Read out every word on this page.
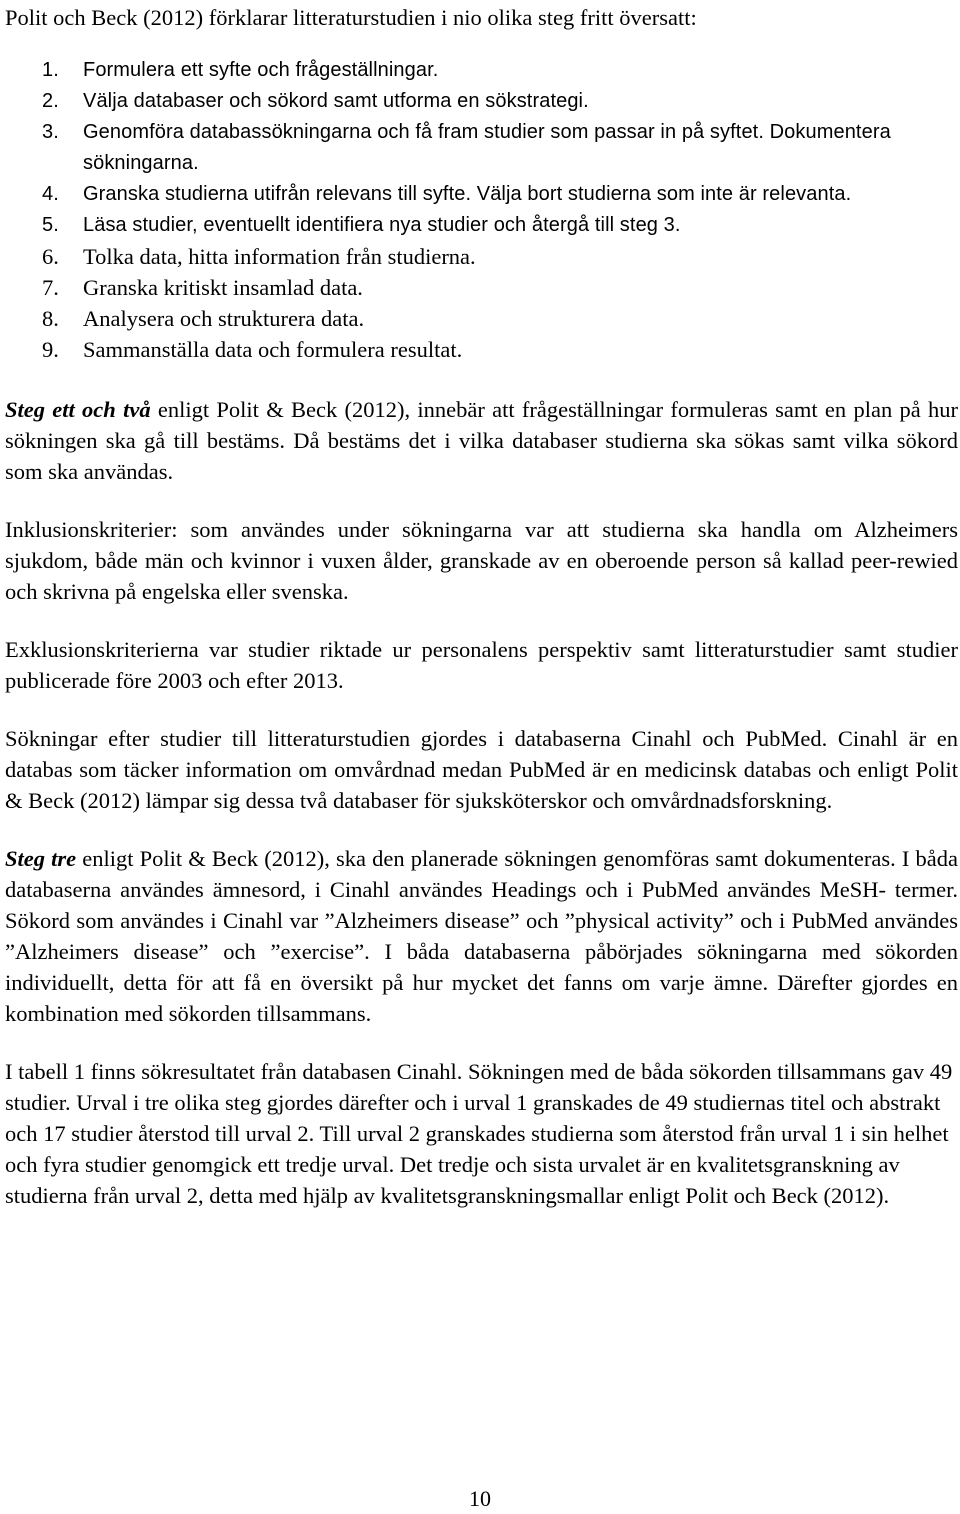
Polit och Beck (2012) förklarar litteraturstudien i nio olika steg fritt översatt:

1. Formulera ett syfte och frågeställningar.
2. Välja databaser och sökord samt utforma en sökstrategi.
3. Genomföra databassökningarna och få fram studier som passar in på syftet. Dokumentera sökningarna.
4. Granska studierna utifrån relevans till syfte. Välja bort studierna som inte är relevanta.
5. Läsa studier, eventuellt identifiera nya studier och återgå till steg 3.
6. Tolka data, hitta information från studierna.
7. Granska kritiskt insamlad data.
8. Analysera och strukturera data.
9. Sammanställa data och formulera resultat.

Steg ett och två enligt Polit & Beck (2012), innebär att frågeställningar formuleras samt en plan på hur sökningen ska gå till bestäms. Då bestäms det i vilka databaser studierna ska sökas samt vilka sökord som ska användas.

Inklusionskriterier: som användes under sökningarna var att studierna ska handla om Alzheimers sjukdom, både män och kvinnor i vuxen ålder, granskade av en oberoende person så kallad peer-rewied och skrivna på engelska eller svenska.

Exklusionskriterierna var studier riktade ur personalens perspektiv samt litteraturstudier samt studier publicerade före 2003 och efter 2013.

Sökningar efter studier till litteraturstudien gjordes i databaserna Cinahl och PubMed. Cinahl är en databas som täcker information om omvårdnad medan PubMed är en medicinsk databas och enligt Polit & Beck (2012) lämpar sig dessa två databaser för sjuksköterskor och omvårdnadsforskning.

Steg tre enligt Polit & Beck (2012), ska den planerade sökningen genomföras samt dokumenteras. I båda databaserna användes ämnesord, i Cinahl användes Headings och i PubMed användes MeSH- termer. Sökord som användes i Cinahl var ”Alzheimers disease” och ”physical activity” och i PubMed användes ”Alzheimers disease” och ”exercise”. I båda databaserna påbörjades sökningarna med sökorden individuellt, detta för att få en översikt på hur mycket det fanns om varje ämne. Därefter gjordes en kombination med sökorden tillsammans.

I tabell 1 finns sökresultatet från databasen Cinahl. Sökningen med de båda sökorden tillsammans gav 49 studier. Urval i tre olika steg gjordes därefter och i urval 1 granskades de 49 studiernas titel och abstrakt och 17 studier återstod till urval 2. Till urval 2 granskades studierna som återstod från urval 1 i sin helhet och fyra studier genomgick ett tredje urval. Det tredje och sista urvalet är en kvalitetsgranskning av studierna från urval 2, detta med hjälp av kvalitetsgranskningsmallar enligt Polit och Beck (2012).

10
